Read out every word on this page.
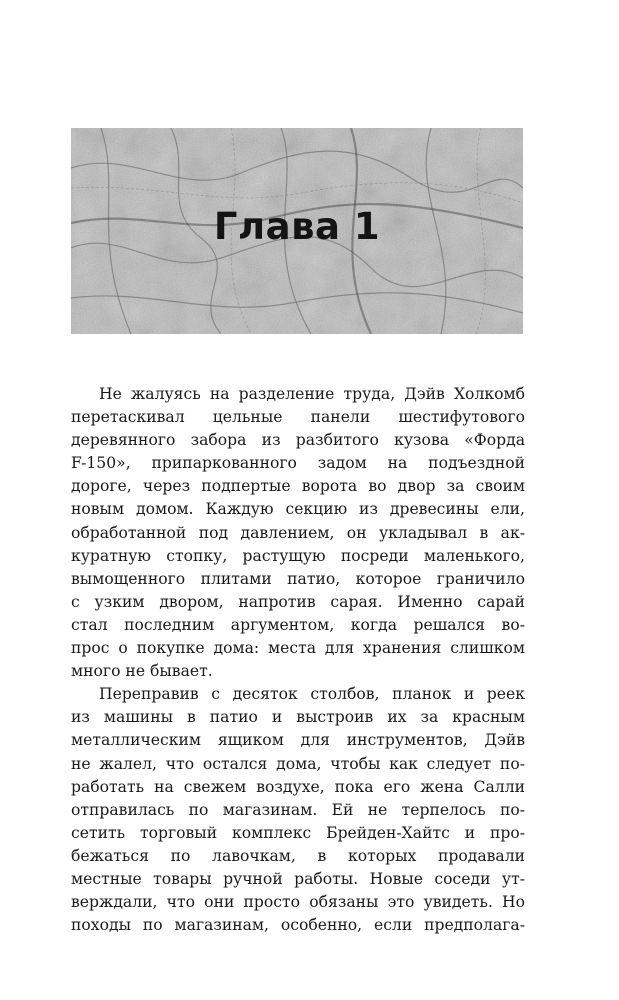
Глава 1
Не жалуясь на разделение труда, Дэйв Холкомб
перетаскивал цельные панели шестифутового
деревянного забора из разбитого кузова «Форда
F-150», припаркованного задом на подъездной
дороге, через подпертые ворота во двор за своим
новым домом. Каждую секцию из древесины ели,
обработанной под давлением, он укладывал в ак-
куратную стопку, растущую посреди маленького,
вымощенного плитами патио, которое граничило
с узким двором, напротив сарая. Именно сарай
стал последним аргументом, когда решался во-
прос о покупке дома: места для хранения слишком
много не бывает.
Переправив с десяток столбов, планок и реек
из машины в патио и выстроив их за красным
металлическим ящиком для инструментов, Дэйв
не жалел, что остался дома, чтобы как следует по-
работать на свежем воздухе, пока его жена Салли
отправилась по магазинам. Ей не терпелось по-
сетить торговый комплекс Брейден-Хайтс и про-
бежаться по лавочкам, в которых продавали
местные товары ручной работы. Новые соседи ут-
верждали, что они просто обязаны это увидеть. Но
походы по магазинам, особенно, если предполага-
